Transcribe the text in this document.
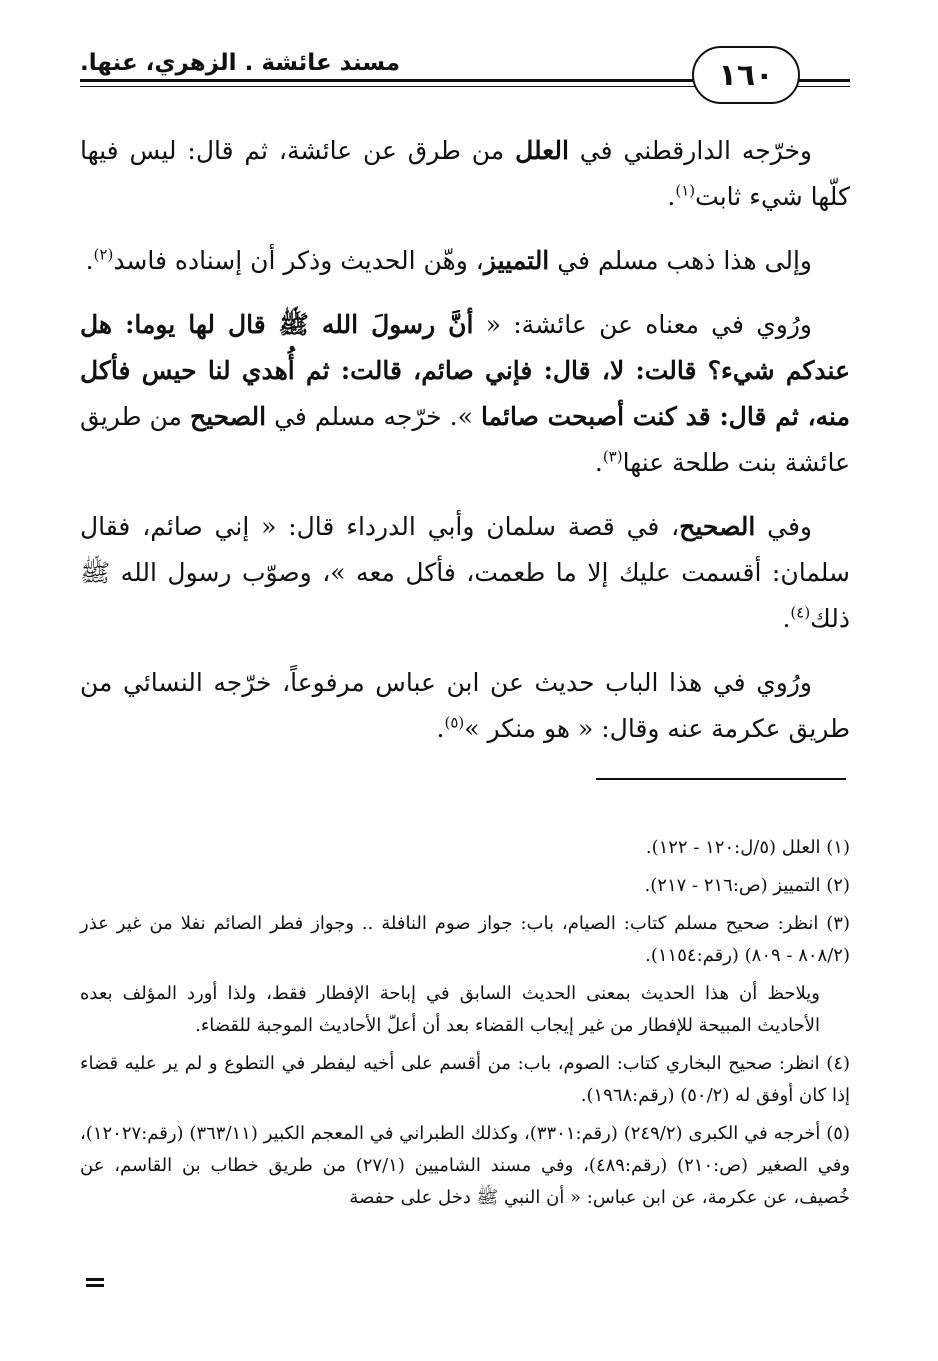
مسند عائشة . الزهري، عنها.	١٦٠

وخرّجه الدارقطني في العلل من طرق عن عائشة، ثم قال: ليس فيها كلّها شيء ثابت$^{(١)}$.

وإلى هذا ذهب مسلم في التمييز، وهّن الحديث وذكر أن إسناده فاسد$^{(٢)}$.

ورُوي في معناه عن عائشة: « أنَّ رسولَ الله ﷺ قال لها يوما: هل عندكم شيء؟ قالت: لا، قال: فإني صائم، قالت: ثم أُهدي لنا حيس فأكل منه، ثم قال: قد كنت أصبحت صائما ». خرّجه مسلم في الصحيح من طريق عائشة بنت طلحة عنها$^{(٣)}$.

وفي الصحيح، في قصة سلمان وأبي الدرداء قال: « إني صائم، فقال سلمان: أقسمت عليك إلا ما طعمت، فأكل معه »، وصوّب رسول الله ﷺ ذلك$^{(٤)}$.

ورُوي في هذا الباب حديث عن ابن عباس مرفوعاً، خرّجه النسائي من طريق عكرمة عنه وقال: « هو منكر »$^{(٥)}$.

(١) العلل (٥/ل:١٢٠ - ١٢٢).

(٢) التمييز (ص:٢١٦ - ٢١٧).

(٣) انظر: صحيح مسلم كتاب: الصيام، باب: جواز صوم النافلة .. وجواز فطر الصائم نفلا من غير عذر (٨٠٨/٢ - ٨٠٩) (رقم:١١٥٤).

ويلاحظ أن هذا الحديث بمعنى الحديث السابق في إباحة الإفطار فقط، ولذا أورد المؤلف بعده الأحاديث المبيحة للإفطار من غير إيجاب القضاء بعد أن أعلّ الأحاديث الموجبة للقضاء.

(٤) انظر: صحيح البخاري كتاب: الصوم، باب: من أقسم على أخيه ليفطر في التطوع و لم ير عليه قضاء إذا كان أوفق له (٥٠/٢) (رقم:١٩٦٨).

(٥) أخرجه في الكبرى (٢٤٩/٢) (رقم:٣٣٠١)، وكذلك الطبراني في المعجم الكبير (٣٦٣/١١) (رقم:١٢٠٢٧)، وفي الصغير (ص:٢١٠) (رقم:٤٨٩)، وفي مسند الشاميين (٢٧/١) من طريق خطاب بن القاسم، عن خُصيف، عن عكرمة، عن ابن عباس: « أن النبي ﷺ دخل على حفصة
